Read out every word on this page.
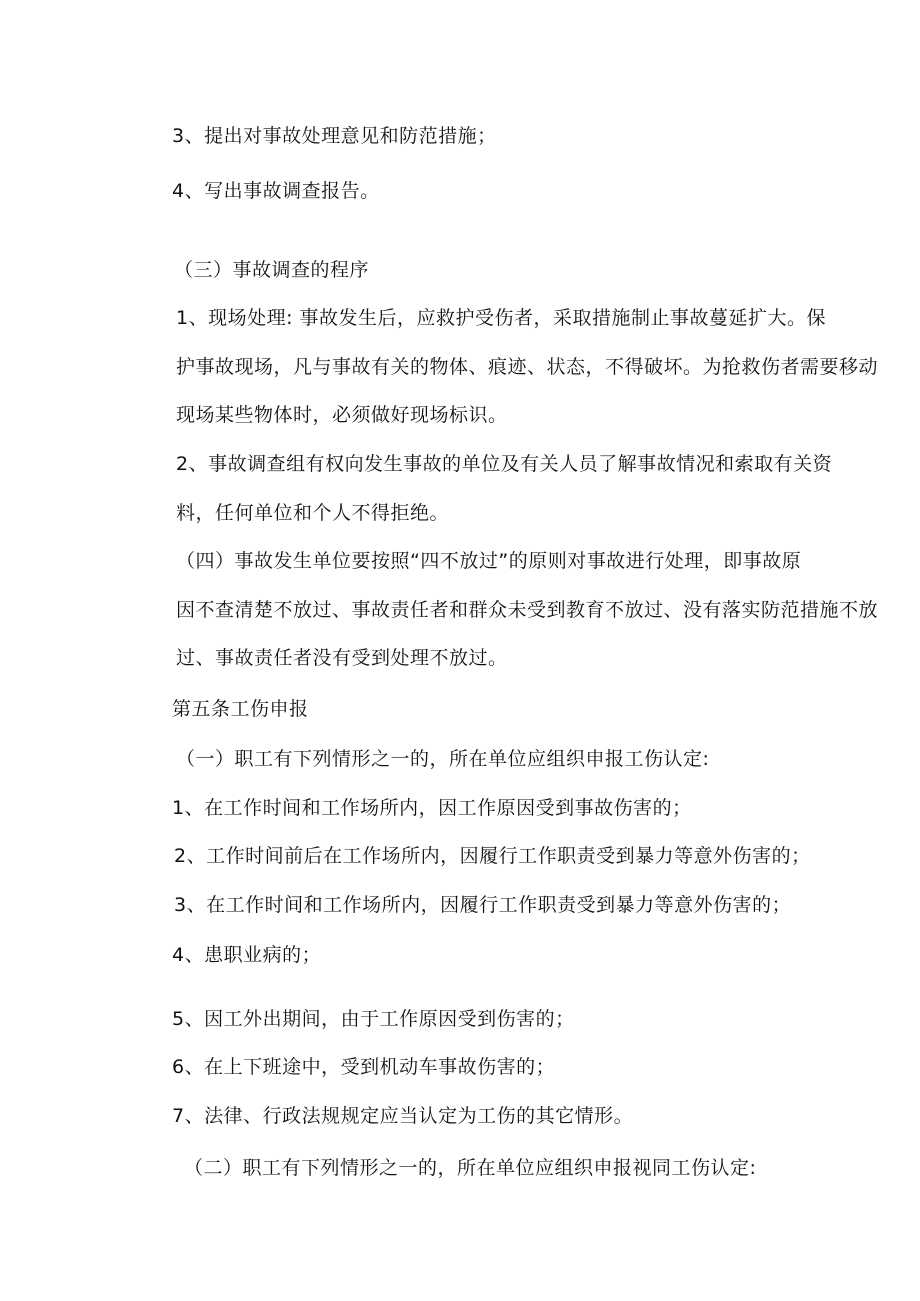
3、提出对事故处理意见和防范措施；

4、写出事故调查报告。

（三）事故调查的程序

1、现场处理: 事故发生后，应救护受伤者，采取措施制止事故蔓延扩大。保

护事故现场，凡与事故有关的物体、痕迹、状态，不得破坏。为抢救伤者需要移动

现场某些物体时，必须做好现场标识。

2、事故调查组有权向发生事故的单位及有关人员了解事故情况和索取有关资

料，任何单位和个人不得拒绝。

（四）事故发生单位要按照“四不放过”的原则对事故进行处理，即事故原

因不查清楚不放过、事故责任者和群众未受到教育不放过、没有落实防范措施不放

过、事故责任者没有受到处理不放过。

第五条工伤申报

（一）职工有下列情形之一的，所在单位应组织申报工伤认定:

1、在工作时间和工作场所内，因工作原因受到事故伤害的；

2、工作时间前后在工作场所内，因履行工作职责受到暴力等意外伤害的；

3、在工作时间和工作场所内，因履行工作职责受到暴力等意外伤害的；

4、患职业病的；

5、因工外出期间，由于工作原因受到伤害的；

6、在上下班途中，受到机动车事故伤害的；

7、法律、行政法规规定应当认定为工伤的其它情形。

（二）职工有下列情形之一的，所在单位应组织申报视同工伤认定:
